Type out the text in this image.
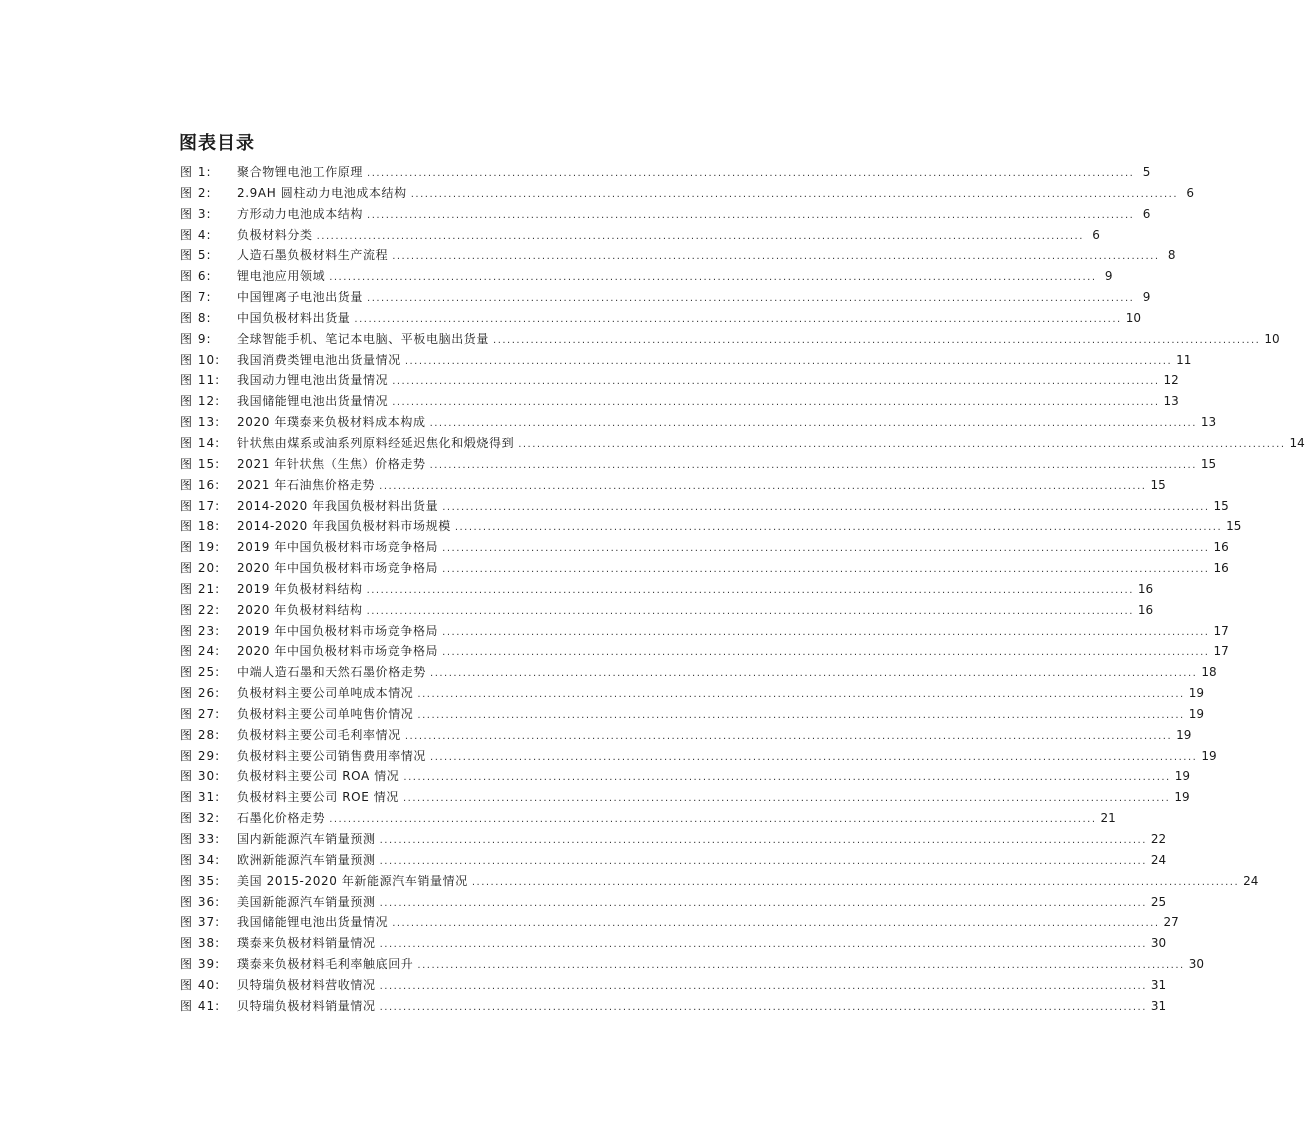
图表目录
图 1:	聚合物锂电池工作原理 .....	5
图 2:	2.9AH 圆柱动力电池成本结构 .....	6
图 3:	方形动力电池成本结构 .....	6
图 4:	负极材料分类 .....	6
图 5:	人造石墨负极材料生产流程 .....	8
图 6:	锂电池应用领域 .....	9
图 7:	中国锂离子电池出货量 .....	9
图 8:	中国负极材料出货量 .....	10
图 9:	全球智能手机、笔记本电脑、平板电脑出货量 .....	10
图 10:	我国消费类锂电池出货量情况 .....	11
图 11:	我国动力锂电池出货量情况 .....	12
图 12:	我国储能锂电池出货量情况 .....	13
图 13:	2020 年璞泰来负极材料成本构成 .....	13
图 14:	针状焦由煤系或油系列原料经延迟焦化和煅烧得到 .....	14
图 15:	2021 年针状焦（生焦）价格走势 .....	15
图 16:	2021 年石油焦价格走势 .....	15
图 17:	2014-2020 年我国负极材料出货量 .....	15
图 18:	2014-2020 年我国负极材料市场规模 .....	15
图 19:	2019 年中国负极材料市场竞争格局 .....	16
图 20:	2020 年中国负极材料市场竞争格局 .....	16
图 21:	2019 年负极材料结构 .....	16
图 22:	2020 年负极材料结构 .....	16
图 23:	2019 年中国负极材料市场竞争格局 .....	17
图 24:	2020 年中国负极材料市场竞争格局 .....	17
图 25:	中端人造石墨和天然石墨价格走势 .....	18
图 26:	负极材料主要公司单吨成本情况 .....	19
图 27:	负极材料主要公司单吨售价情况 .....	19
图 28:	负极材料主要公司毛利率情况 .....	19
图 29:	负极材料主要公司销售费用率情况 .....	19
图 30:	负极材料主要公司 ROA 情况 .....	19
图 31:	负极材料主要公司 ROE 情况 .....	19
图 32:	石墨化价格走势 .....	21
图 33:	国内新能源汽车销量预测 .....	22
图 34:	欧洲新能源汽车销量预测 .....	24
图 35:	美国 2015-2020 年新能源汽车销量情况 .....	24
图 36:	美国新能源汽车销量预测 .....	25
图 37:	我国储能锂电池出货量情况 .....	27
图 38:	璞泰来负极材料销量情况 .....	30
图 39:	璞泰来负极材料毛利率触底回升 .....	30
图 40:	贝特瑞负极材料营收情况 .....	31
图 41:	贝特瑞负极材料销量情况 .....	31
